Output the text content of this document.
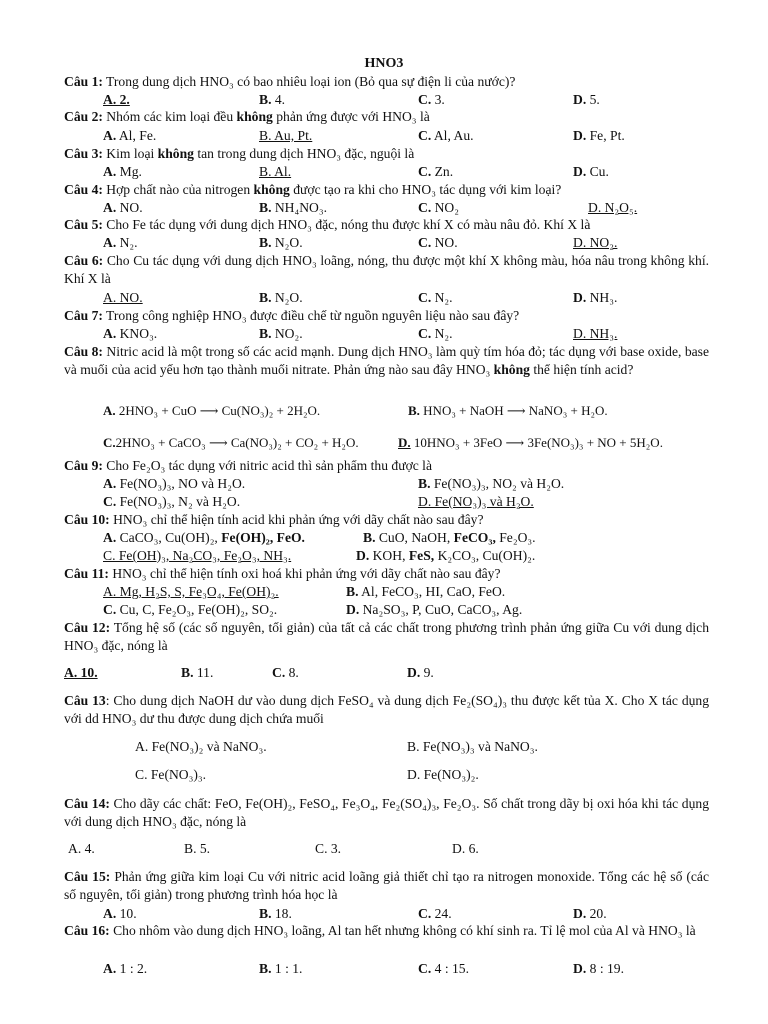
HNO3
Câu 1: Trong dung dịch HNO₃ có bao nhiêu loại ion (Bỏ qua sự điện li của nước)?
A. 2.	B. 4.	C. 3.	D. 5.
Câu 2: Nhóm các kim loại đều không phản ứng được với HNO₃ là
A. Al, Fe.	B. Au, Pt.	C. Al, Au.	D. Fe, Pt.
Câu 3: Kim loại không tan trong dung dịch HNO₃ đặc, nguội là
A. Mg.	B. Al.	C. Zn.	D. Cu.
Câu 4: Hợp chất nào của nitrogen không được tạo ra khi cho HNO₃ tác dụng với kim loại?
A. NO.	B. NH₄NO₃.	C. NO₂	D. N₂O₅.
Câu 5: Cho Fe tác dụng với dung dịch HNO₃ đặc, nóng thu được khí X có màu nâu đỏ. Khí X là
A. N₂.	B. N₂O.	C. NO.	D. NO₂.
Câu 6: Cho Cu tác dụng với dung dịch HNO₃ loãng, nóng, thu được một khí X không màu, hóa nâu trong không khí. Khí X là
A. NO.	B. N₂O.	C. N₂.	D. NH₃.
Câu 7: Trong công nghiệp HNO₃ được điều chế từ nguồn nguyên liệu nào sau đây?
A. KNO₃.	B. NO₂.	C. N₂.	D. NH₃.
Câu 8: Nitric acid là một trong số các acid mạnh. Dung dịch HNO₃ làm quỳ tím hóa đỏ; tác dụng với base oxide, base và muối của acid yếu hơn tạo thành muối nitrate. Phản ứng nào sau đây HNO₃ không thể hiện tính acid?
A. 2HNO₃ + CuO ⟶ Cu(NO₃)₂ + 2H₂O.	B. HNO₃ + NaOH ⟶ NaNO₃ + H₂O.
C.2HNO₃ + CaCO₃ ⟶ Ca(NO₃)₂ + CO₂ + H₂O.	D. 10HNO₃ + 3FeO ⟶ 3Fe(NO₃)₃ + NO + 5H₂O.
Câu 9: Cho Fe₂O₃ tác dụng với nitric acid thì sản phẩm thu được là
A. Fe(NO₃)₃, NO và H₂O.	B. Fe(NO₃)₃, NO₂ và H₂O.
C. Fe(NO₃)₃, N₂ và H₂O.	D. Fe(NO₃)₃ và H₂O.
Câu 10: HNO₃ chỉ thể hiện tính acid khi phản ứng với dãy chất nào sau đây?
A. CaCO₃, Cu(OH)₂, Fe(OH)₂, FeO.	B. CuO, NaOH, FeCO₃, Fe₂O₃.
C. Fe(OH)₃, Na₂CO₃, Fe₂O₃, NH₃.	D. KOH, FeS, K₂CO₃, Cu(OH)₂.
Câu 11: HNO₃ chỉ thể hiện tính oxi hoá khi phản ứng với dãy chất nào sau đây?
A. Mg, H₂S, S, Fe₃O₄, Fe(OH)₂.	B. Al, FeCO₃, HI, CaO, FeO.
C. Cu, C, Fe₂O₃, Fe(OH)₂, SO₂.	D. Na₂SO₃, P, CuO, CaCO₃, Ag.
Câu 12: Tổng hệ số (các số nguyên, tối giản) của tất cả các chất trong phương trình phản ứng giữa Cu với dung dịch HNO₃ đặc, nóng là
A. 10.	B. 11.	C. 8.	D. 9.
Câu 13: Cho dung dịch NaOH dư vào dung dịch FeSO₄ và dung dịch Fe₂(SO₄)₃ thu được kết tủa X. Cho X tác dụng với dd HNO₃ dư thu được dung dịch chứa muối
A. Fe(NO₃)₂ và NaNO₃.	B. Fe(NO₃)₃ và NaNO₃.
C. Fe(NO₃)₃.	D. Fe(NO₃)₂.
Câu 14: Cho dãy các chất: FeO, Fe(OH)₂, FeSO₄, Fe₃O₄, Fe₂(SO₄)₃, Fe₂O₃. Số chất trong dãy bị oxi hóa khi tác dụng với dung dịch HNO₃ đặc, nóng là
A. 4.	B. 5.	C. 3.	D. 6.
Câu 15: Phản ứng giữa kim loại Cu với nitric acid loãng giả thiết chỉ tạo ra nitrogen monoxide. Tổng các hệ số (các số nguyên, tối giản) trong phương trình hóa học là
A. 10.	B. 18.	C. 24.	D. 20.
Câu 16: Cho nhôm vào dung dịch HNO₃ loãng, Al tan hết nhưng không có khí sinh ra. Tỉ lệ mol của Al và HNO₃ là
A. 1 : 2.	B. 1 : 1.	C. 4 : 15.	D. 8 : 19.
